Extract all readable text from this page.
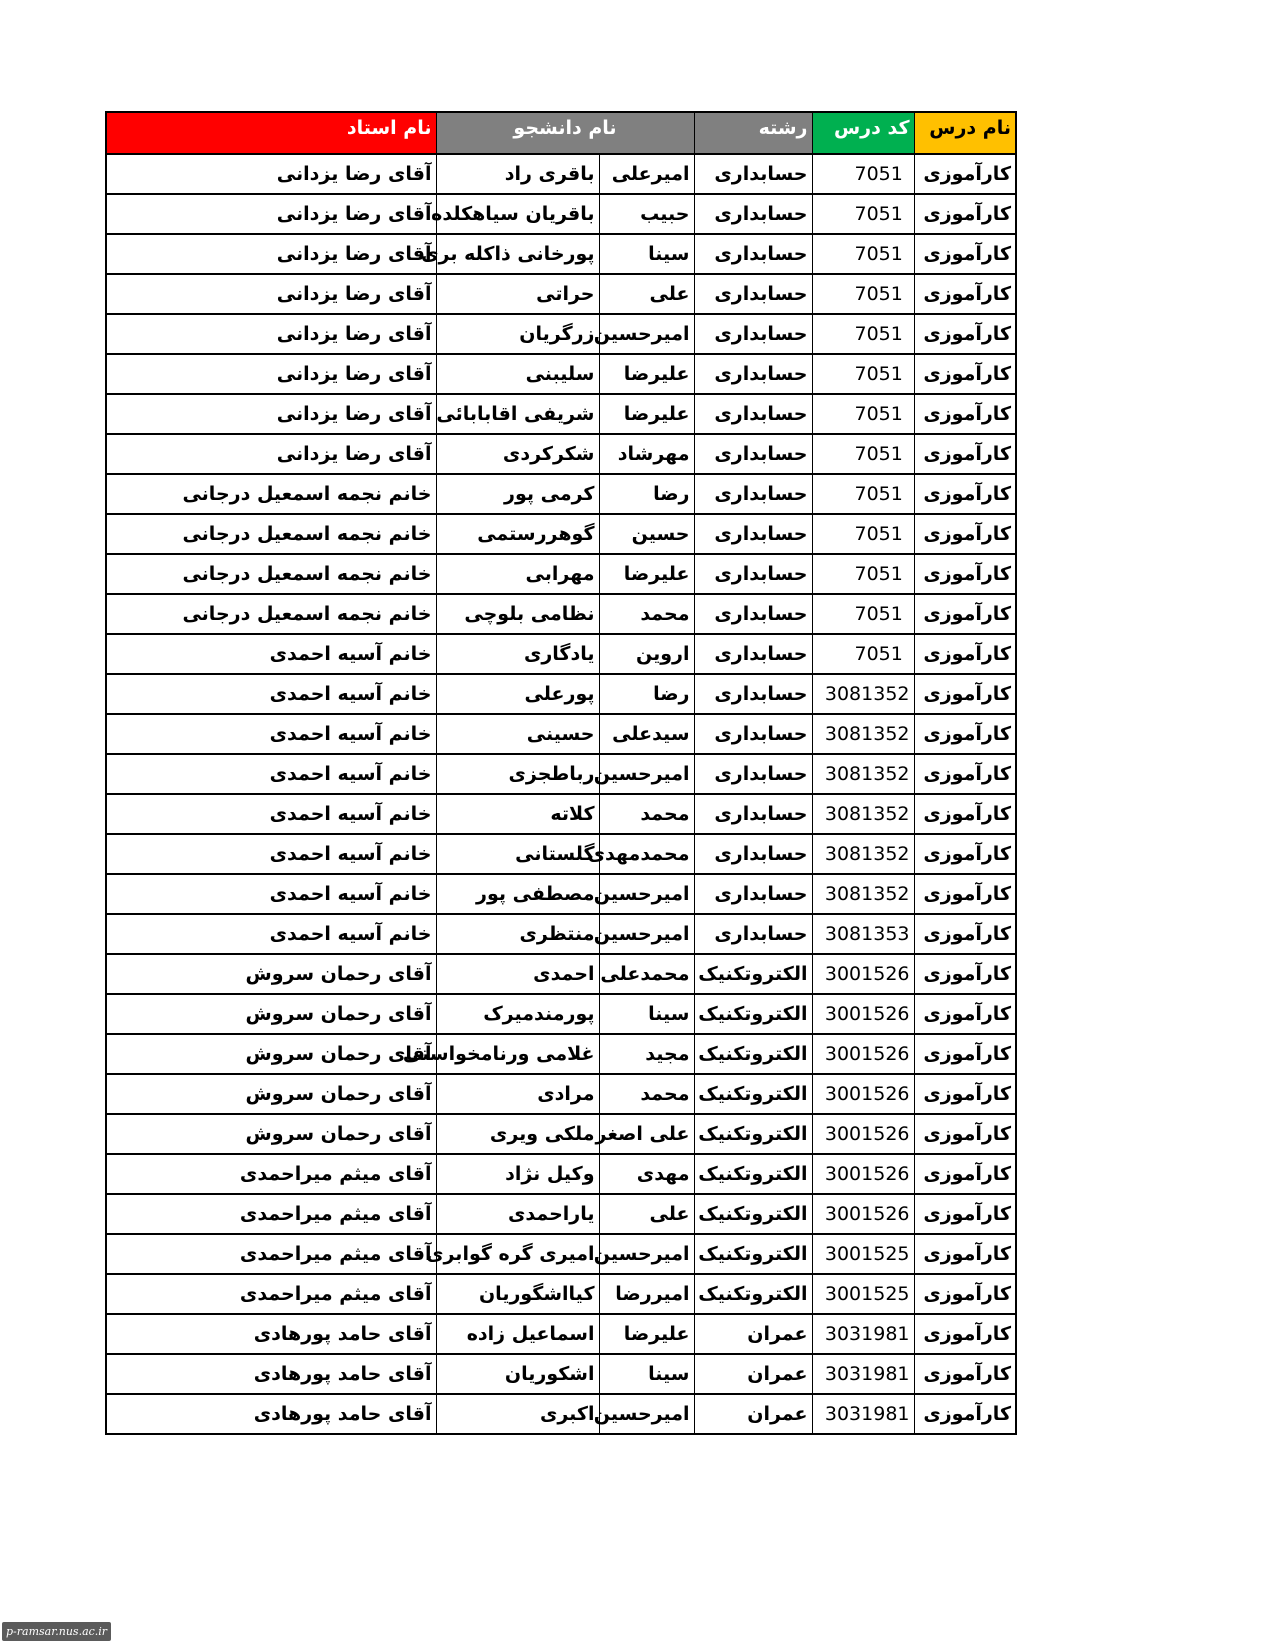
نام درس	کد درس	رشته	نام دانشجو		نام استاد
کارآموزی	7051	حسابداری	امیرعلی	باقری راد	آقای رضا یزدانی
کارآموزی	7051	حسابداری	حبیب	باقریان سیاهکلده	آقای رضا یزدانی
کارآموزی	7051	حسابداری	سینا	پورخانی ذاکله بری	آقای رضا یزدانی
کارآموزی	7051	حسابداری	علی	حراتی	آقای رضا یزدانی
کارآموزی	7051	حسابداری	امیرحسین	زرگریان	آقای رضا یزدانی
کارآموزی	7051	حسابداری	علیرضا	سلیبنی	آقای رضا یزدانی
کارآموزی	7051	حسابداری	علیرضا	شریفی اقابابائی	آقای رضا یزدانی
کارآموزی	7051	حسابداری	مهرشاد	شکرکردی	آقای رضا یزدانی
کارآموزی	7051	حسابداری	رضا	کرمی پور	خانم نجمه اسمعیل درجانی
کارآموزی	7051	حسابداری	حسین	گوهررستمی	خانم نجمه اسمعیل درجانی
کارآموزی	7051	حسابداری	علیرضا	مهرابی	خانم نجمه اسمعیل درجانی
کارآموزی	7051	حسابداری	محمد	نظامی بلوچی	خانم نجمه اسمعیل درجانی
کارآموزی	7051	حسابداری	اروین	یادگاری	خانم آسیه احمدی
کارآموزی	3081352	حسابداری	رضا	پورعلی	خانم آسیه احمدی
کارآموزی	3081352	حسابداری	سیدعلی	حسینی	خانم آسیه احمدی
کارآموزی	3081352	حسابداری	امیرحسین	رباطجزی	خانم آسیه احمدی
کارآموزی	3081352	حسابداری	محمد	کلاته	خانم آسیه احمدی
کارآموزی	3081352	حسابداری	محمدمهدی	گلستانی	خانم آسیه احمدی
کارآموزی	3081352	حسابداری	امیرحسین	مصطفی پور	خانم آسیه احمدی
کارآموزی	3081353	حسابداری	امیرحسین	منتظری	خانم آسیه احمدی
کارآموزی	3001526	الکتروتکنیک	محمدعلی	احمدی	آقای رحمان سروش
کارآموزی	3001526	الکتروتکنیک	سینا	پورمندمیرک	آقای رحمان سروش
کارآموزی	3001526	الکتروتکنیک	مجید	غلامی ورنامخواستی	آقای رحمان سروش
کارآموزی	3001526	الکتروتکنیک	محمد	مرادی	آقای رحمان سروش
کارآموزی	3001526	الکتروتکنیک	علی اصغر	ملکی ویری	آقای رحمان سروش
کارآموزی	3001526	الکتروتکنیک	مهدی	وکیل نژاد	آقای میثم میراحمدی
کارآموزی	3001526	الکتروتکنیک	علی	یاراحمدی	آقای میثم میراحمدی
کارآموزی	3001525	الکتروتکنیک	امیرحسین	امیری گره گوابری	آقای میثم میراحمدی
کارآموزی	3001525	الکتروتکنیک	امیررضا	کیااشگوریان	آقای میثم میراحمدی
کارآموزی	3031981	عمران	علیرضا	اسماعیل زاده	آقای حامد پورهادی
کارآموزی	3031981	عمران	سینا	اشکوریان	آقای حامد پورهادی
کارآموزی	3031981	عمران	امیرحسین	اکبری	آقای حامد پورهادی
p-ramsar.nus.ac.ir
